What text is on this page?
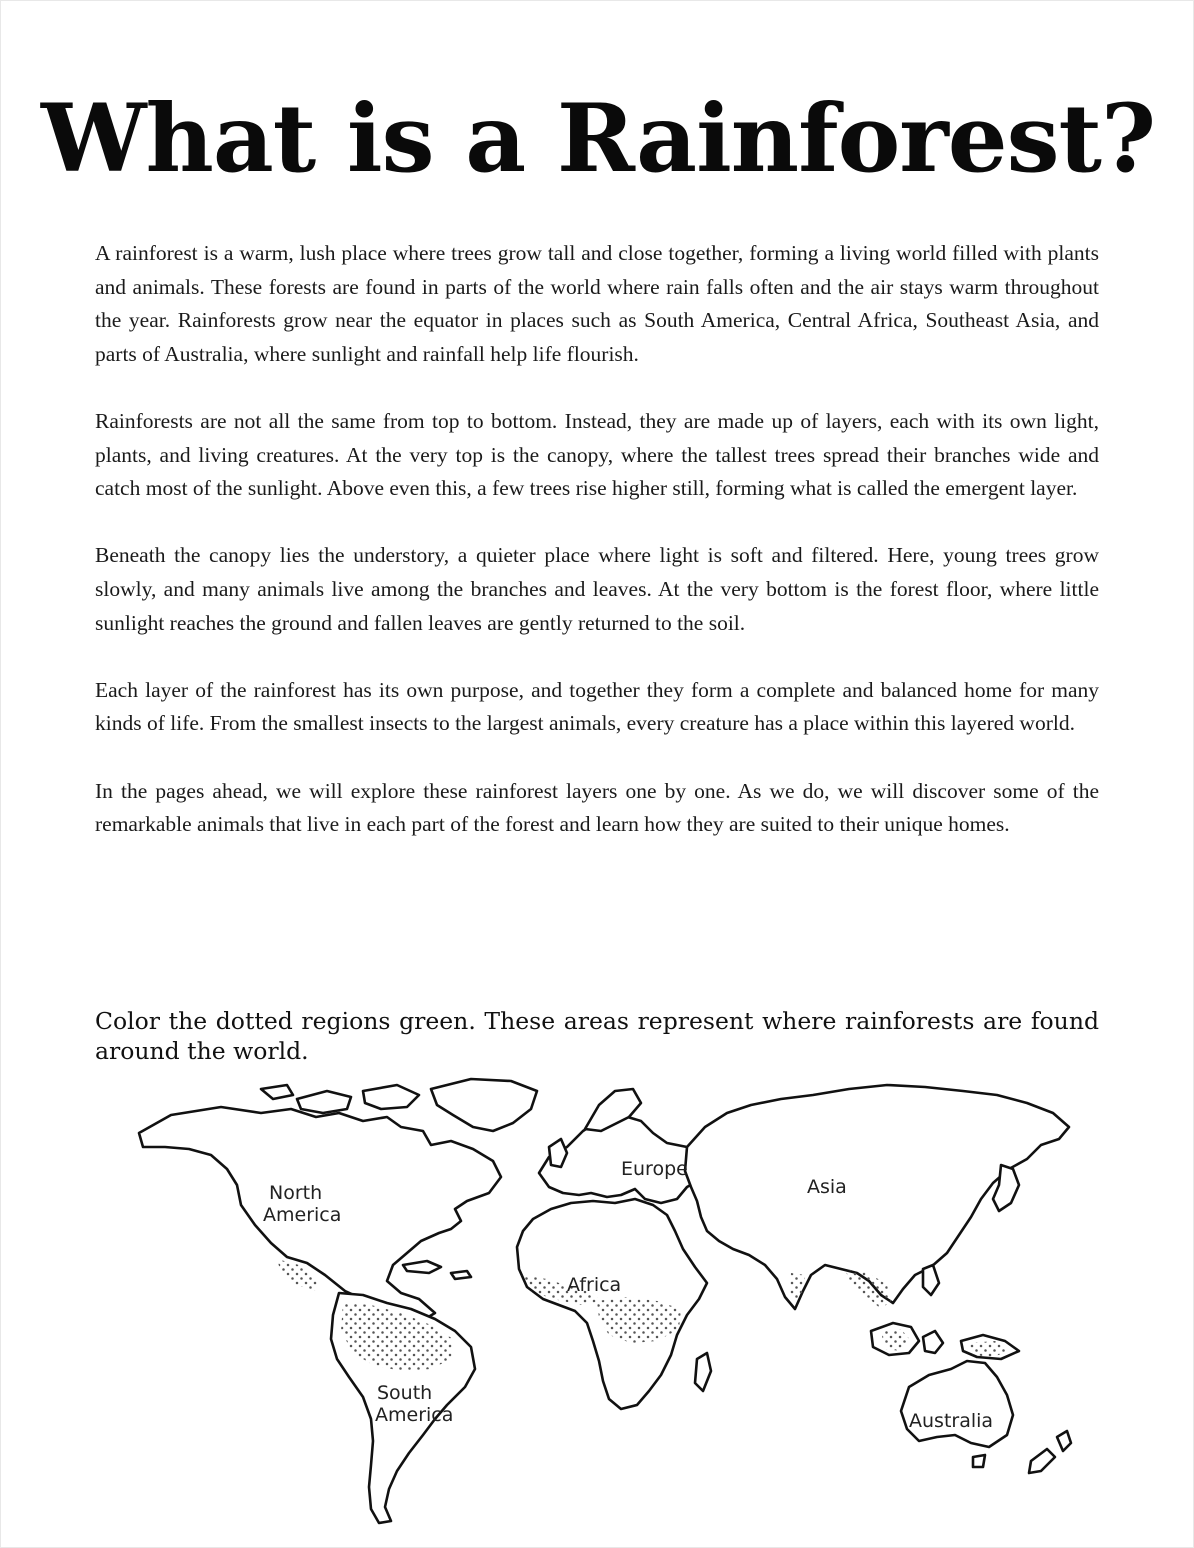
What is a Rainforest?

A rainforest is a warm, lush place where trees grow tall and close together, forming a living world filled with plants and animals. These forests are found in parts of the world where rain falls often and the air stays warm throughout the year. Rainforests grow near the equator in places such as South America, Central Africa, Southeast Asia, and parts of Australia, where sunlight and rainfall help life flourish.

Rainforests are not all the same from top to bottom. Instead, they are made up of layers, each with its own light, plants, and living creatures. At the very top is the canopy, where the tallest trees spread their branches wide and catch most of the sunlight. Above even this, a few trees rise higher still, forming what is called the emergent layer.

Beneath the canopy lies the understory, a quieter place where light is soft and filtered. Here, young trees grow slowly, and many animals live among the branches and leaves. At the very bottom is the forest floor, where little sunlight reaches the ground and fallen leaves are gently returned to the soil.

Each layer of the rainforest has its own purpose, and together they form a complete and balanced home for many kinds of life. From the smallest insects to the largest animals, every creature has a place within this layered world.

In the pages ahead, we will explore these rainforest layers one by one. As we do, we will discover some of the remarkable animals that live in each part of the forest and learn how they are suited to their unique homes.

Color the dotted regions green. These areas represent where rainforests are found around the world.

North
America
Europe
Asia
Africa
South
America	Australia
